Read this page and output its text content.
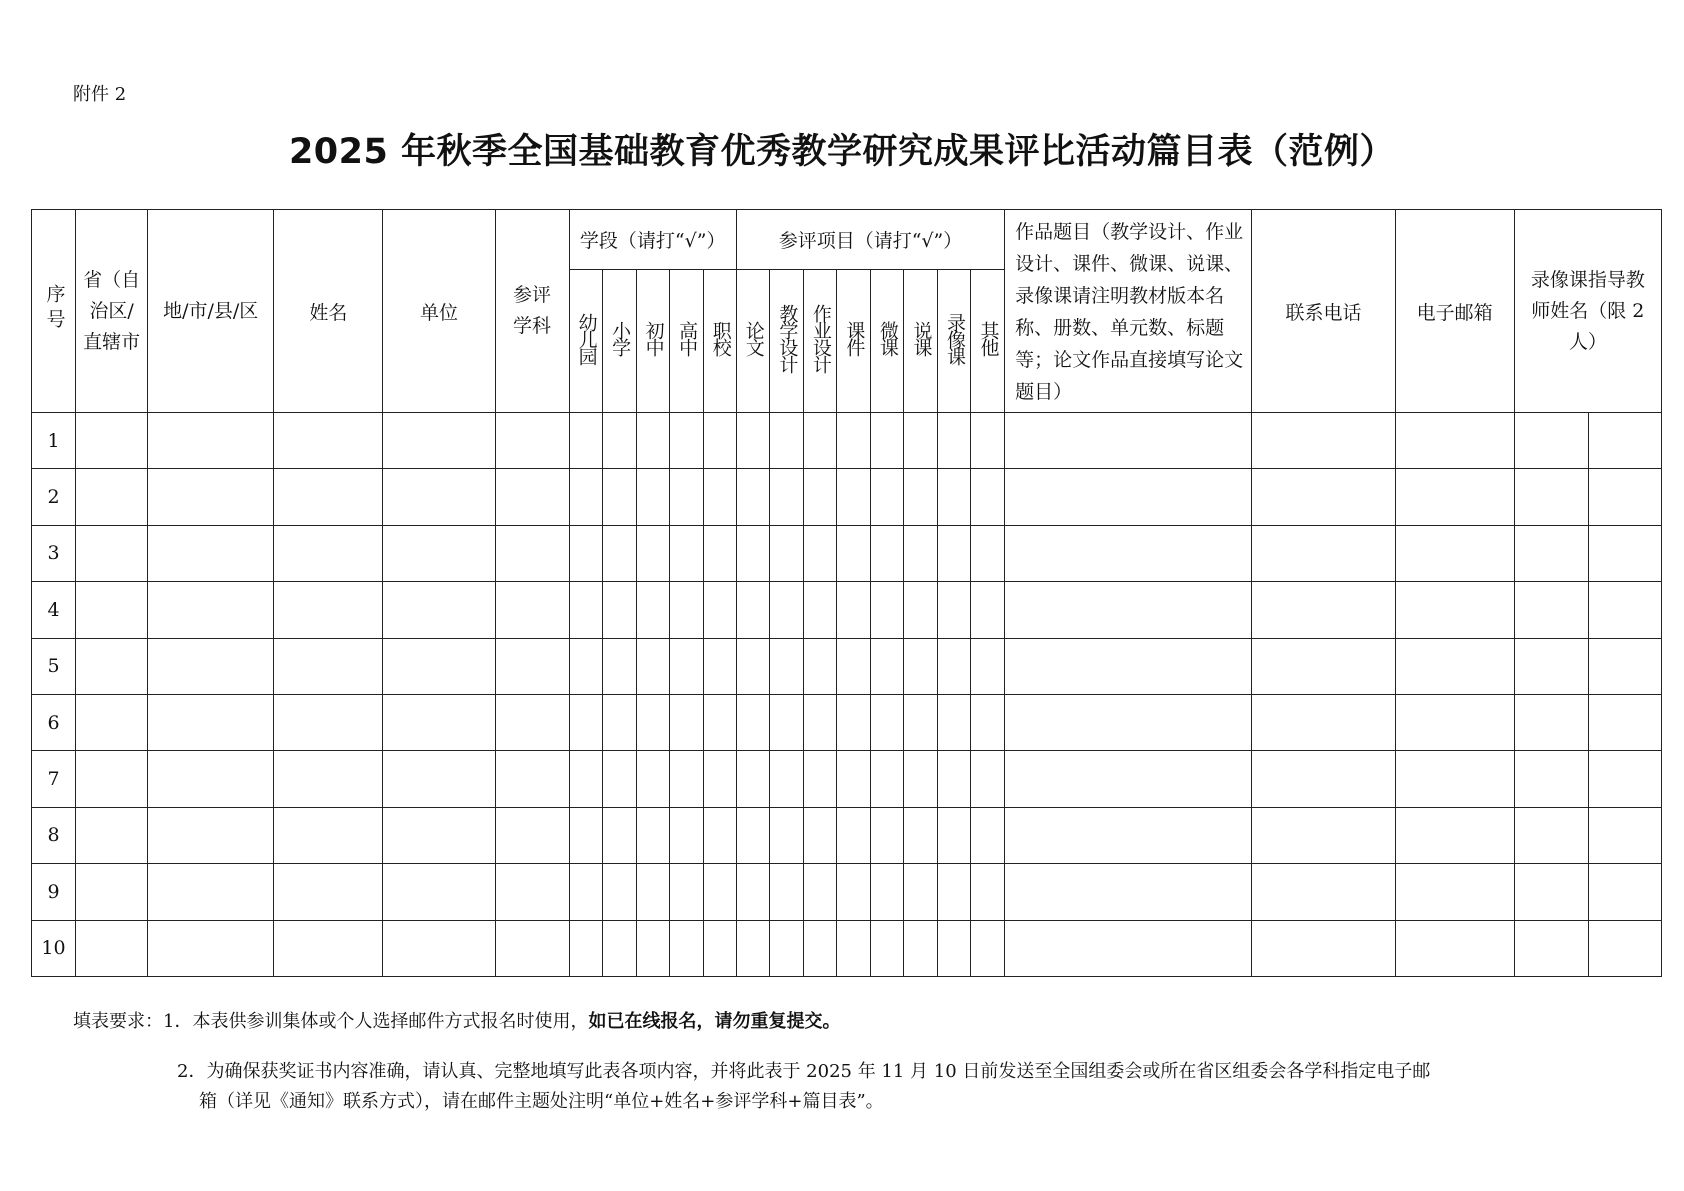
附件 2
2025 年秋季全国基础教育优秀教学研究成果评比活动篇目表（范例）
序号	省（自治区/直辖市	地/市/县/区	姓名	单位	参评学科	学段（请打“√”）					参评项目（请打“√”）								作品题目（教学设计、作业设计、课件、微课、说课、录像课请注明教材版本名称、册数、单元数、标题等；论文作品直接填写论文题目）	联系电话	电子邮箱	录像课指导教师姓名（限 2 人）	
						幼儿园	小学	初中	高中	职校	论文	教学设计	作业设计	课件	微课	说课	录像课	其他					
1																							
2																							
3																							
4																							
5																							
6																							
7																							
8																							
9																							
10																							
填表要求：1．本表供参训集体或个人选择邮件方式报名时使用，如已在线报名，请勿重复提交。
2．为确保获奖证书内容准确，请认真、完整地填写此表各项内容，并将此表于 2025 年 11 月 10 日前发送至全国组委会或所在省区组委会各学科指定电子邮
箱（详见《通知》联系方式），请在邮件主题处注明“单位+姓名+参评学科+篇目表”。
